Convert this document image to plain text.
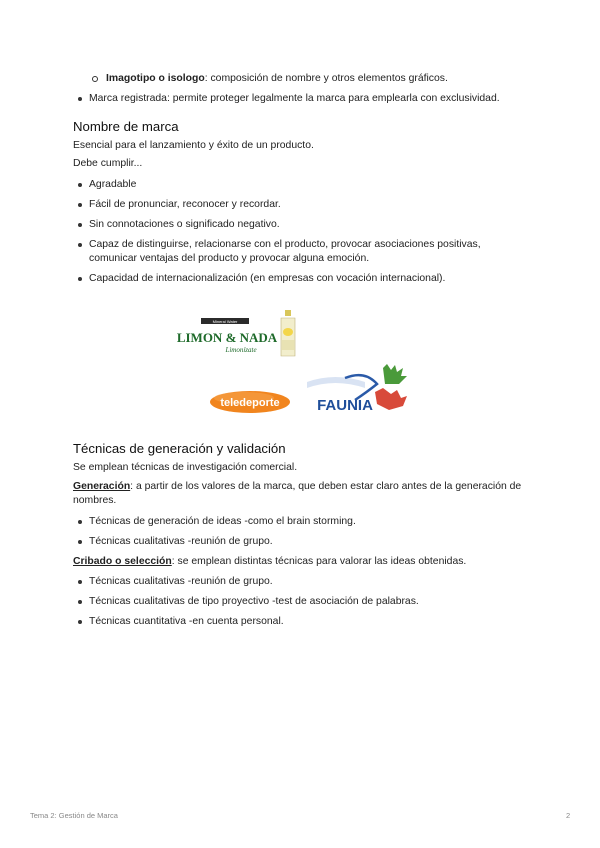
Imagotipo o isologo: composición de nombre y otros elementos gráficos.
Marca registrada: permite proteger legalmente la marca para emplearla con exclusividad.
Nombre de marca
Esencial para el lanzamiento y éxito de un producto.
Debe cumplir...
Agradable
Fácil de pronunciar, reconocer y recordar.
Sin connotaciones o significado negativo.
Capaz de distinguirse, relacionarse con el producto, provocar asociaciones positivas, comunicar ventajas del producto y provocar alguna emoción.
Capacidad de internacionalización (en empresas con vocación internacional).
Mineral Water
LIMON & NADA
Limonízate
teledeporte FAUNIA
Técnicas de generación y validación
Se emplean técnicas de investigación comercial.
Generación: a partir de los valores de la marca, que deben estar claro antes de la generación de nombres.
Técnicas de generación de ideas -como el brain storming.
Técnicas cualitativas -reunión de grupo.
Cribado o selección: se emplean distintas técnicas para valorar las ideas obtenidas.
Técnicas cualitativas -reunión de grupo.
Técnicas cualitativas de tipo proyectivo -test de asociación de palabras.
Técnicas cuantitativa -en cuenta personal.
Tema 2: Gestión de Marca	2
